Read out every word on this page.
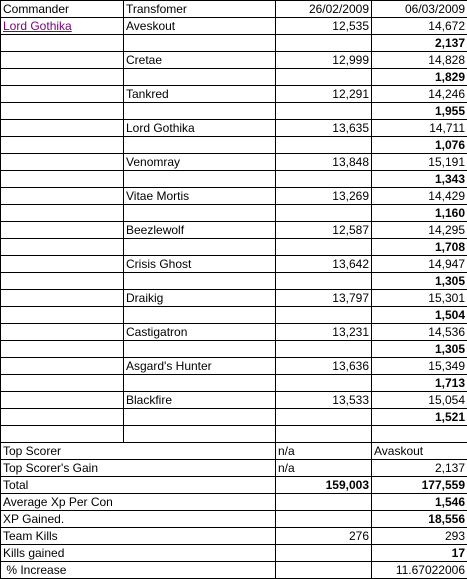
Commander	Transfomer	26/02/2009	06/03/2009
Lord Gothika	Aveskout	12,535	14,672
			2,137
	Cretae	12,999	14,828
			1,829
	Tankred	12,291	14,246
			1,955
	Lord Gothika	13,635	14,711
			1,076
	Venomray	13,848	15,191
			1,343
	Vitae Mortis	13,269	14,429
			1,160
	Beezlewolf	12,587	14,295
			1,708
	Crisis Ghost	13,642	14,947
			1,305
	Draikig	13,797	15,301
			1,504
	Castigatron	13,231	14,536
			1,305
	Asgard's Hunter	13,636	15,349
			1,713
	Blackfire	13,533	15,054
			1,521

Top Scorer		n/a	Avaskout
Top Scorer's Gain		n/a	2,137
Total		159,003	177,559
Average Xp Per Con			1,546
XP Gained.			18,556
Team Kills		276	293
Kills gained			17
% Increase			11.67022006
